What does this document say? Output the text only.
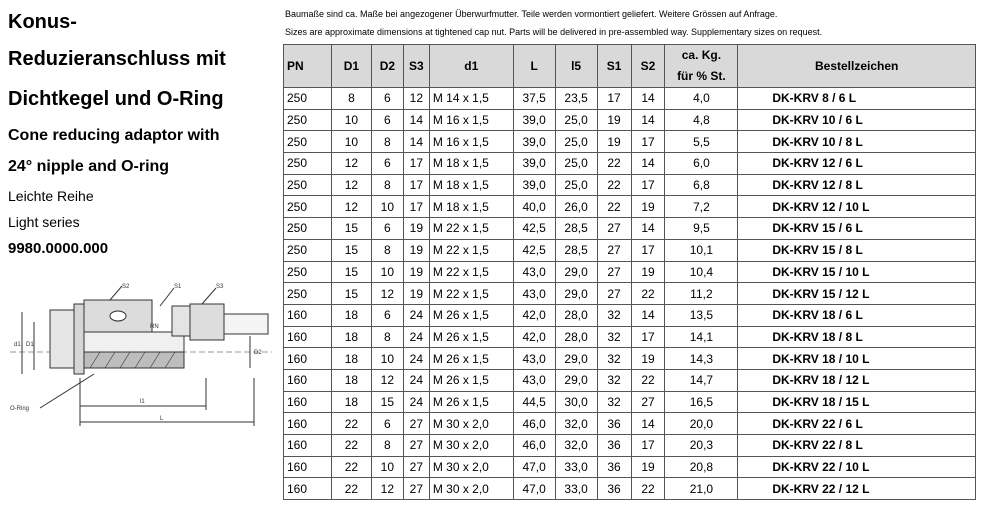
Konus-
Reduzieranschluss mit
Dichtkegel und O-Ring
Cone reducing adaptor with
24° nipple and O-ring
Leichte Reihe
Light series
9980.0000.000
S2	S1	S3
d1 D1
D2
O-Ring
l1
L
RN
Baumaße sind ca. Maße bei angezogener Überwurfmutter. Teile werden vormontiert geliefert. Weitere Grössen auf Anfrage.
Sizes are approximate dimensions at tightened cap nut. Parts will be delivered in pre-assembled way. Supplementary sizes on request.
PN	D1	D2	S3	d1	L	l5	S1	S2	ca. Kg.	Bestellzeichen
									für % St.	
250	8	6	12	M 14 x 1,5	37,5	23,5	17	14	4,0	DK-KRV 8 / 6 L
250	10	6	14	M 16 x 1,5	39,0	25,0	19	14	4,8	DK-KRV 10 / 6 L
250	10	8	14	M 16 x 1,5	39,0	25,0	19	17	5,5	DK-KRV 10 / 8 L
250	12	6	17	M 18 x 1,5	39,0	25,0	22	14	6,0	DK-KRV 12 / 6 L
250	12	8	17	M 18 x 1,5	39,0	25,0	22	17	6,8	DK-KRV 12 / 8 L
250	12	10	17	M 18 x 1,5	40,0	26,0	22	19	7,2	DK-KRV 12 / 10 L
250	15	6	19	M 22 x 1,5	42,5	28,5	27	14	9,5	DK-KRV 15 / 6 L
250	15	8	19	M 22 x 1,5	42,5	28,5	27	17	10,1	DK-KRV 15 / 8 L
250	15	10	19	M 22 x 1,5	43,0	29,0	27	19	10,4	DK-KRV 15 / 10 L
250	15	12	19	M 22 x 1,5	43,0	29,0	27	22	11,2	DK-KRV 15 / 12 L
160	18	6	24	M 26 x 1,5	42,0	28,0	32	14	13,5	DK-KRV 18 / 6 L
160	18	8	24	M 26 x 1,5	42,0	28,0	32	17	14,1	DK-KRV 18 / 8 L
160	18	10	24	M 26 x 1,5	43,0	29,0	32	19	14,3	DK-KRV 18 / 10 L
160	18	12	24	M 26 x 1,5	43,0	29,0	32	22	14,7	DK-KRV 18 / 12 L
160	18	15	24	M 26 x 1,5	44,5	30,0	32	27	16,5	DK-KRV 18 / 15 L
160	22	6	27	M 30 x 2,0	46,0	32,0	36	14	20,0	DK-KRV 22 / 6 L
160	22	8	27	M 30 x 2,0	46,0	32,0	36	17	20,3	DK-KRV 22 / 8 L
160	22	10	27	M 30 x 2,0	47,0	33,0	36	19	20,8	DK-KRV 22 / 10 L
160	22	12	27	M 30 x 2,0	47,0	33,0	36	22	21,0	DK-KRV 22 / 12 L
